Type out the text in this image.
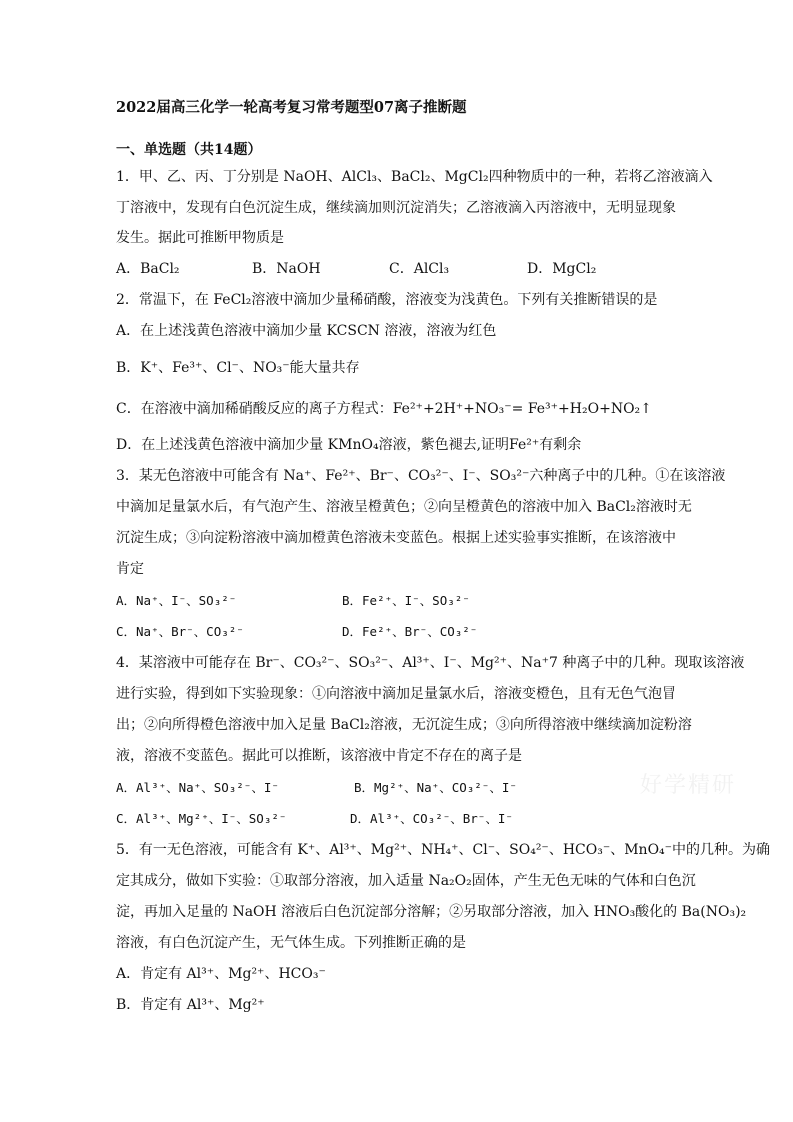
2022届高三化学一轮高考复习常考题型07离子推断题
一、单选题（共14题）
1．甲、乙、丙、丁分别是 NaOH、AlCl₃、BaCl₂、MgCl₂四种物质中的一种，若将乙溶液滴入
丁溶液中，发现有白色沉淀生成，继续滴加则沉淀消失；乙溶液滴入丙溶液中，无明显现象
发生。据此可推断甲物质是
A．BaCl₂	B．NaOH	C．AlCl₃	D．MgCl₂
2．常温下，在 FeCl₂溶液中滴加少量稀硝酸，溶液变为浅黄色。下列有关推断错误的是
A．在上述浅黄色溶液中滴加少量 KCSCN 溶液，溶液为红色
B．K⁺、Fe³⁺、Cl⁻、NO₃⁻能大量共存
C．在溶液中滴加稀硝酸反应的离子方程式：Fe²⁺+2H⁺+NO₃⁻= Fe³⁺+H₂O+NO₂↑
D．在上述浅黄色溶液中滴加少量 KMnO₄溶液，紫色褪去,证明Fe²⁺有剩余
3．某无色溶液中可能含有 Na⁺、Fe²⁺、Br⁻、CO₃²⁻、I⁻、SO₃²⁻六种离子中的几种。①在该溶液
中滴加足量氯水后，有气泡产生、溶液呈橙黄色；②向呈橙黄色的溶液中加入 BaCl₂溶液时无
沉淀生成；③向淀粉溶液中滴加橙黄色溶液未变蓝色。根据上述实验事实推断，在该溶液中
肯定
A．Na⁺、I⁻、SO₃²⁻	B．Fe²⁺、I⁻、SO₃²⁻
C．Na⁺、Br⁻、CO₃²⁻	D．Fe²⁺、Br⁻、CO₃²⁻
4．某溶液中可能存在 Br⁻、CO₃²⁻、SO₃²⁻、Al³⁺、I⁻、Mg²⁺、Na⁺7 种离子中的几种。现取该溶液
进行实验，得到如下实验现象：①向溶液中滴加足量氯水后，溶液变橙色，且有无色气泡冒
出；②向所得橙色溶液中加入足量 BaCl₂溶液，无沉淀生成；③向所得溶液中继续滴加淀粉溶
液，溶液不变蓝色。据此可以推断，该溶液中肯定不存在的离子是
A．Al³⁺、Na⁺、SO₃²⁻、I⁻	B．Mg²⁺、Na⁺、CO₃²⁻、I⁻
C．Al³⁺、Mg²⁺、I⁻、SO₃²⁻	D．Al³⁺、CO₃²⁻、Br⁻、I⁻
5．有一无色溶液，可能含有 K⁺、Al³⁺、Mg²⁺、NH₄⁺、Cl⁻、SO₄²⁻、HCO₃⁻、MnO₄⁻中的几种。为确
定其成分，做如下实验：①取部分溶液，加入适量 Na₂O₂固体，产生无色无味的气体和白色沉
淀，再加入足量的 NaOH 溶液后白色沉淀部分溶解；②另取部分溶液，加入 HNO₃酸化的 Ba(NO₃)₂
溶液，有白色沉淀产生，无气体生成。下列推断正确的是
A．肯定有 Al³⁺、Mg²⁺、HCO₃⁻
B．肯定有 Al³⁺、Mg²⁺
好学精研
